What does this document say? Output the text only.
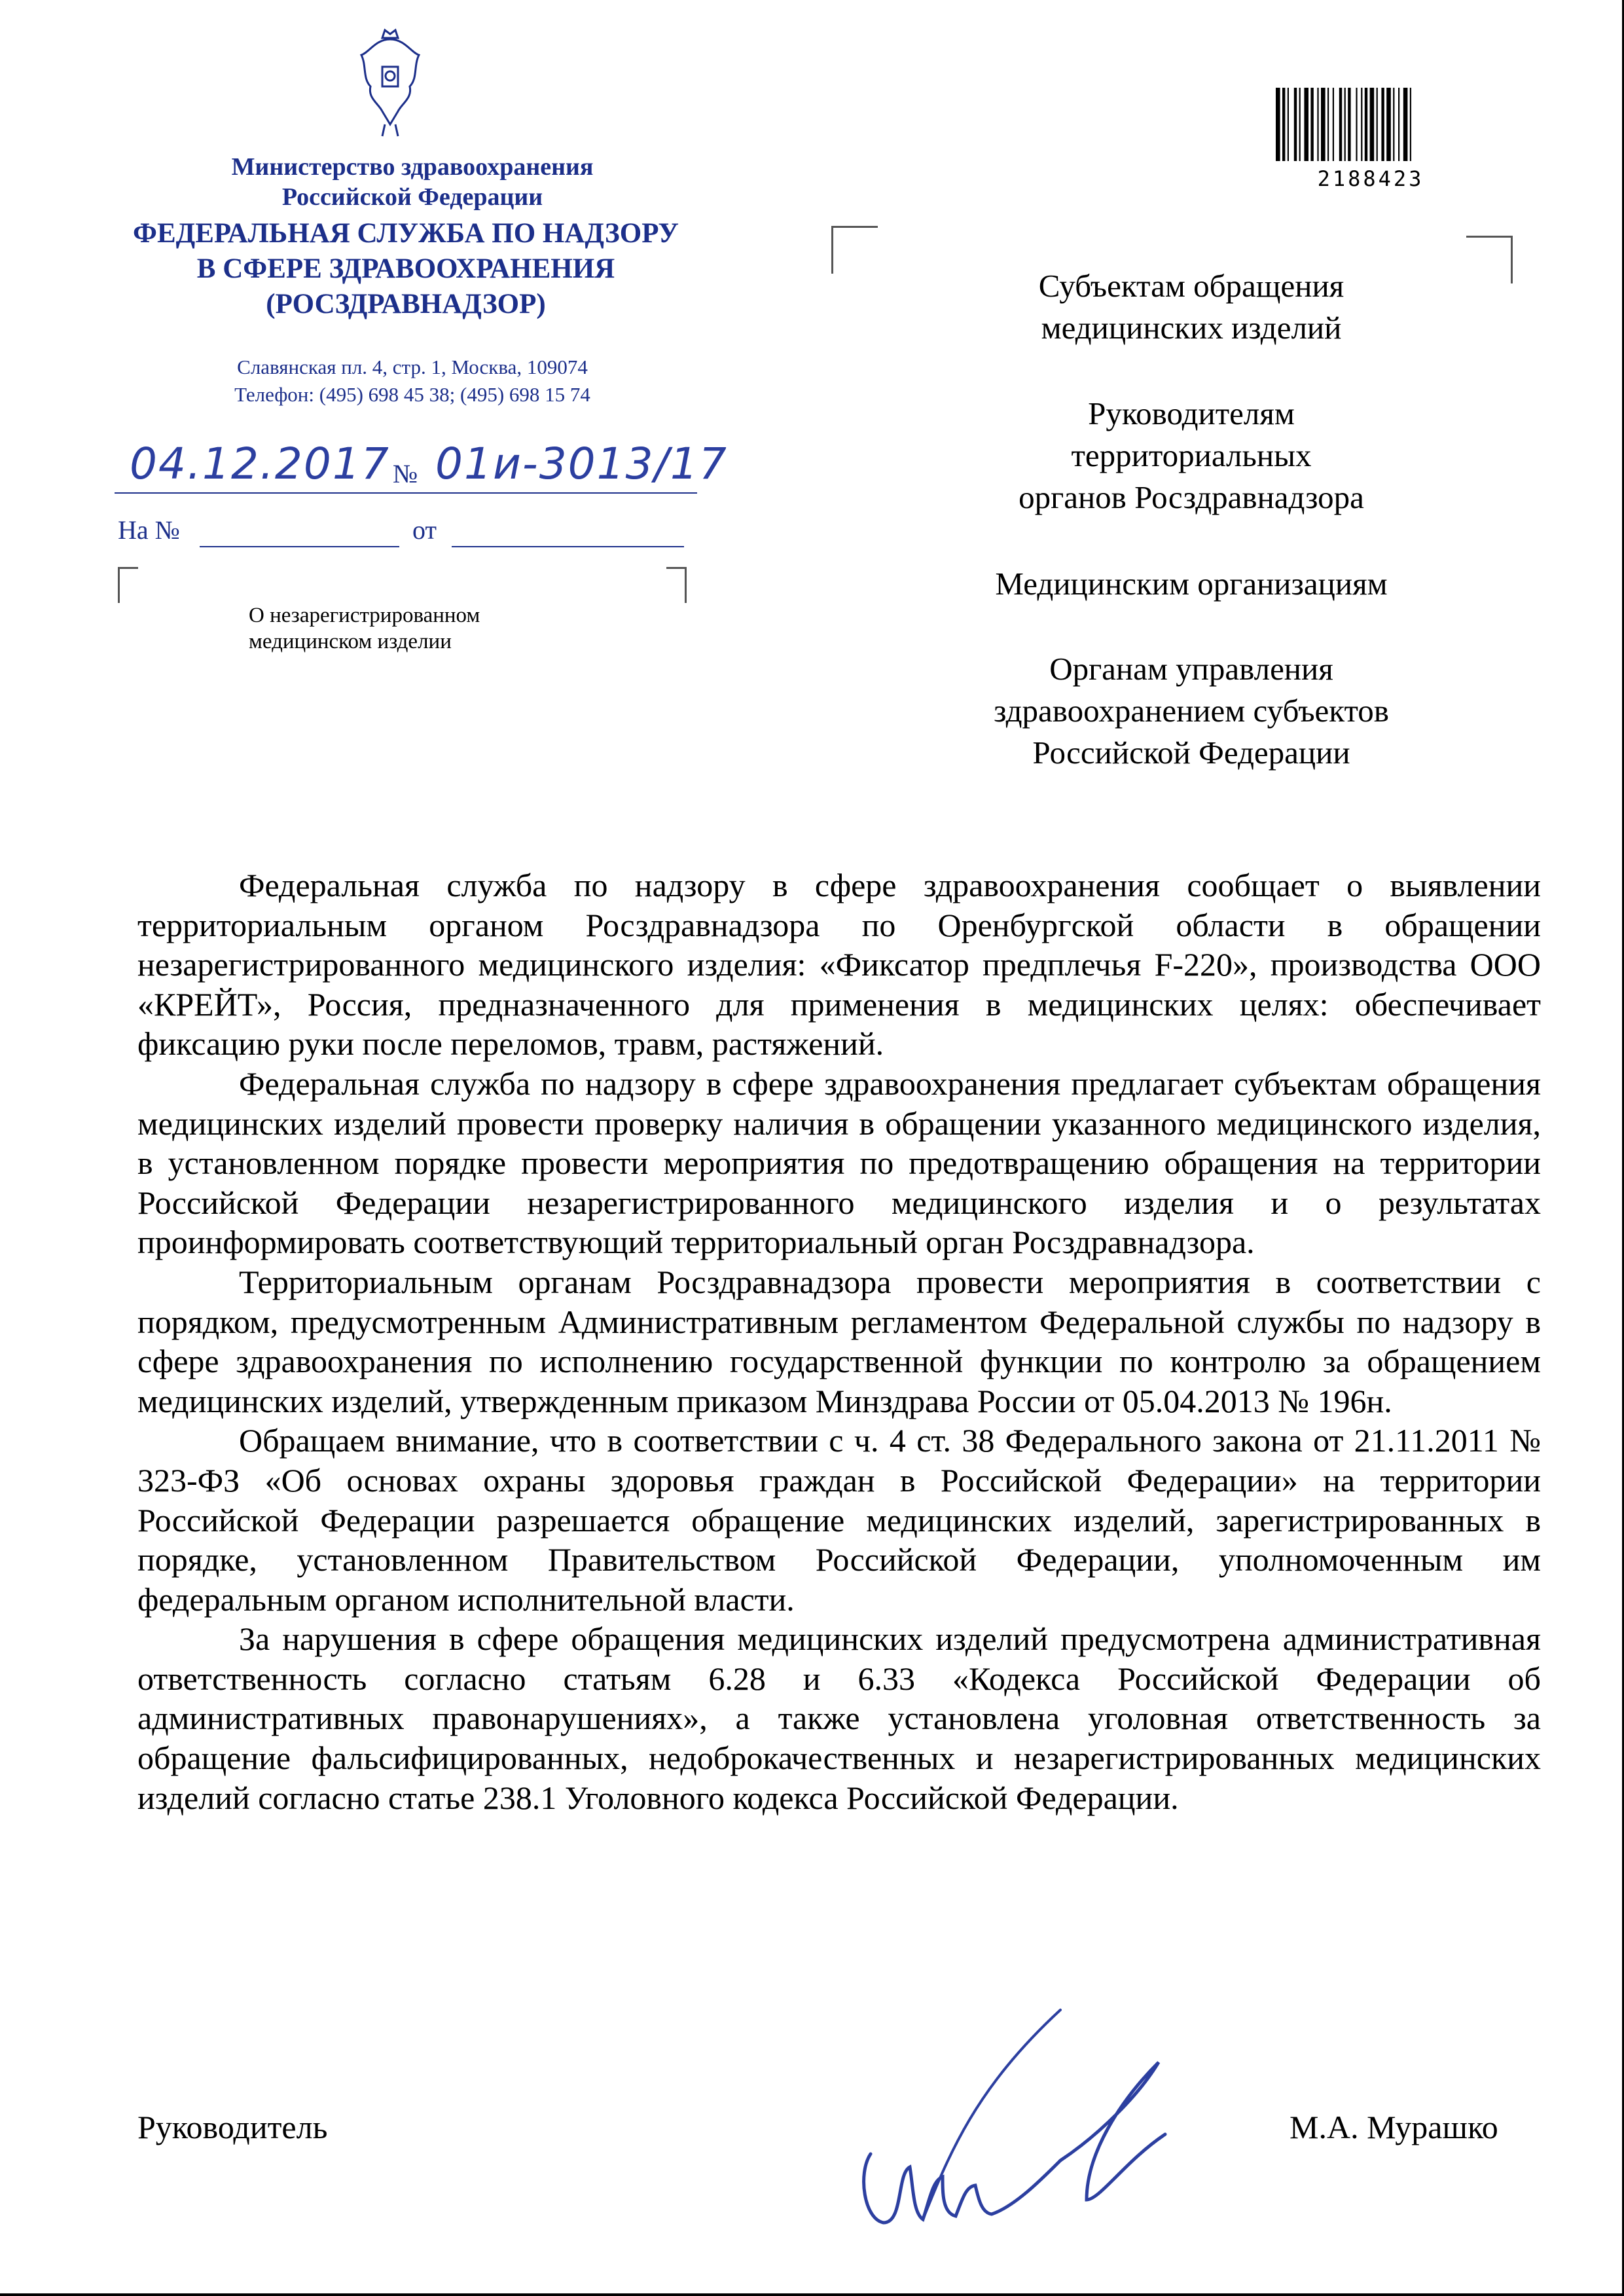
Министерство здравоохранения
Российской Федерации
ФЕДЕРАЛЬНАЯ СЛУЖБА ПО НАДЗОРУ
В СФЕРЕ ЗДРАВООХРАНЕНИЯ
(РОСЗДРАВНАДЗОР)
Славянская пл. 4, стр. 1, Москва, 109074
Телефон: (495) 698 45 38; (495) 698 15 74
04.12.2017 № 01и-3013/17
На №	от
О незарегистрированном
медицинском изделии
2188423
Субъектам обращения
медицинских изделий
Руководителям
территориальных
органов Росздравнадзора
Медицинским организациям
Органам управления
здравоохранением субъектов
Российской Федерации

Федеральная служба по надзору в сфере здравоохранения сообщает о выявлении территориальным органом Росздравнадзора по Оренбургской области в обращении незарегистрированного медицинского изделия: «Фиксатор предплечья F-220», производства ООО «КРЕЙТ», Россия, предназначенного для применения в медицинских целях: обеспечивает фиксацию руки после переломов, травм, растяжений.

Федеральная служба по надзору в сфере здравоохранения предлагает субъектам обращения медицинских изделий провести проверку наличия в обращении указанного медицинского изделия, в установленном порядке провести мероприятия по предотвращению обращения на территории Российской Федерации незарегистрированного медицинского изделия и о результатах проинформировать соответствующий территориальный орган Росздравнадзора.

Территориальным органам Росздравнадзора провести мероприятия в соответствии с порядком, предусмотренным Административным регламентом Федеральной службы по надзору в сфере здравоохранения по исполнению государственной функции по контролю за обращением медицинских изделий, утвержденным приказом Минздрава России от 05.04.2013 № 196н.

Обращаем внимание, что в соответствии с ч. 4 ст. 38 Федерального закона от 21.11.2011 № 323-ФЗ «Об основах охраны здоровья граждан в Российской Федерации» на территории Российской Федерации разрешается обращение медицинских изделий, зарегистрированных в порядке, установленном Правительством Российской Федерации, уполномоченным им федеральным органом исполнительной власти.

За нарушения в сфере обращения медицинских изделий предусмотрена административная ответственность согласно статьям 6.28 и 6.33 «Кодекса Российской Федерации об административных правонарушениях», а также установлена уголовная ответственность за обращение фальсифицированных, недоброкачественных и незарегистрированных медицинских изделий согласно статье 238.1 Уголовного кодекса Российской Федерации.

Руководитель	М.А. Мурашко
